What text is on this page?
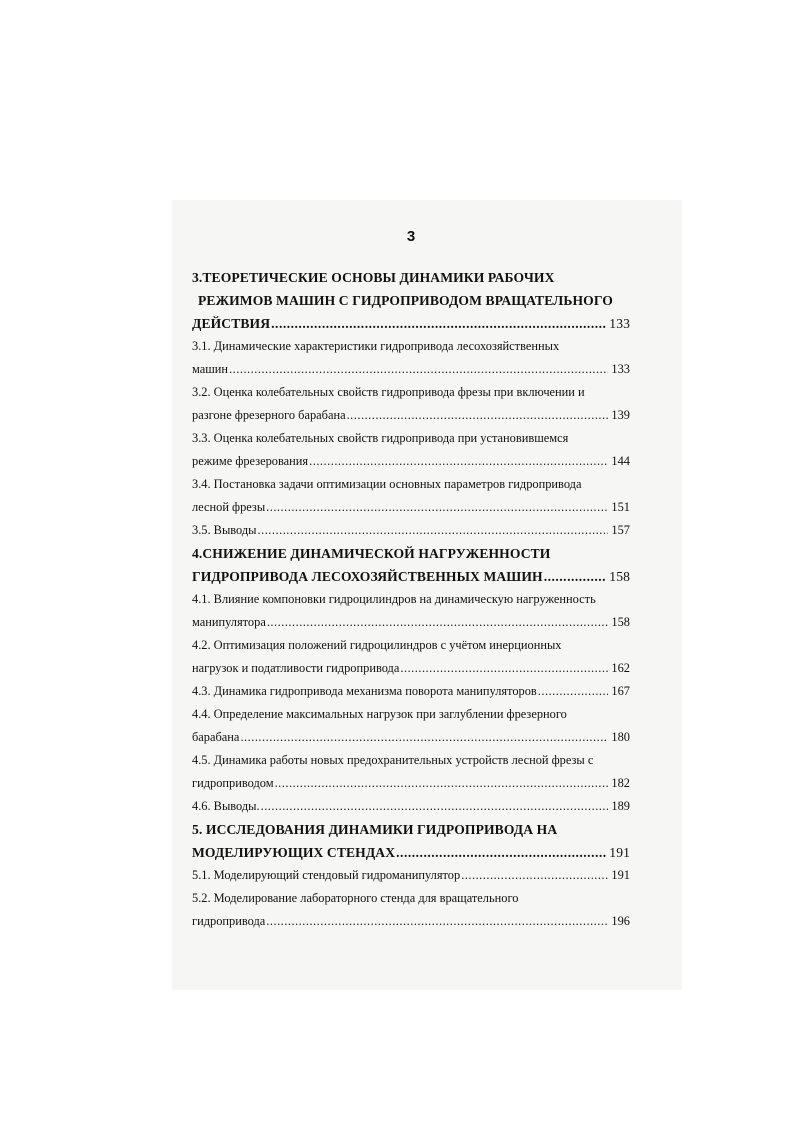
3
3.ТЕОРЕТИЧЕСКИЕ ОСНОВЫ ДИНАМИКИ РАБОЧИХ
РЕЖИМОВ МАШИН С ГИДРОПРИВОДОМ ВРАЩАТЕЛЬНОГО
ДЕЙСТВИЯ .....	133
3.1. Динамические характеристики гидропривода лесохозяйственных
машин .....	133
3.2. Оценка колебательных свойств гидропривода фрезы при включении и
разгоне фрезерного барабана .....	139
3.3. Оценка колебательных свойств гидропривода при установившемся
режиме фрезерования .....	144
3.4. Постановка задачи оптимизации основных параметров гидропривода
лесной фрезы .....	151
3.5. Выводы .....	157
4.СНИЖЕНИЕ ДИНАМИЧЕСКОЙ НАГРУЖЕННОСТИ
ГИДРОПРИВОДА ЛЕСОХОЗЯЙСТВЕННЫХ МАШИН .....	158
4.1. Влияние компоновки гидроцилиндров на динамическую нагруженность
манипулятора .....	158
4.2. Оптимизация положений гидроцилиндров с учётом инерционных
нагрузок и податливости гидропривода .....	162
4.3. Динамика гидропривода механизма поворота манипуляторов .....	167
4.4. Определение максимальных нагрузок при заглублении фрезерного
барабана .....	180
4.5. Динамика работы новых предохранительных устройств лесной фрезы с
гидроприводом .....	182
4.6. Выводы. .....	189
5. ИССЛЕДОВАНИЯ ДИНАМИКИ ГИДРОПРИВОДА НА
МОДЕЛИРУЮЩИХ СТЕНДАХ .....	191
5.1. Моделирующий стендовый гидроманипулятор .....	191
5.2. Моделирование лабораторного стенда для вращательного
гидропривода .....	196
